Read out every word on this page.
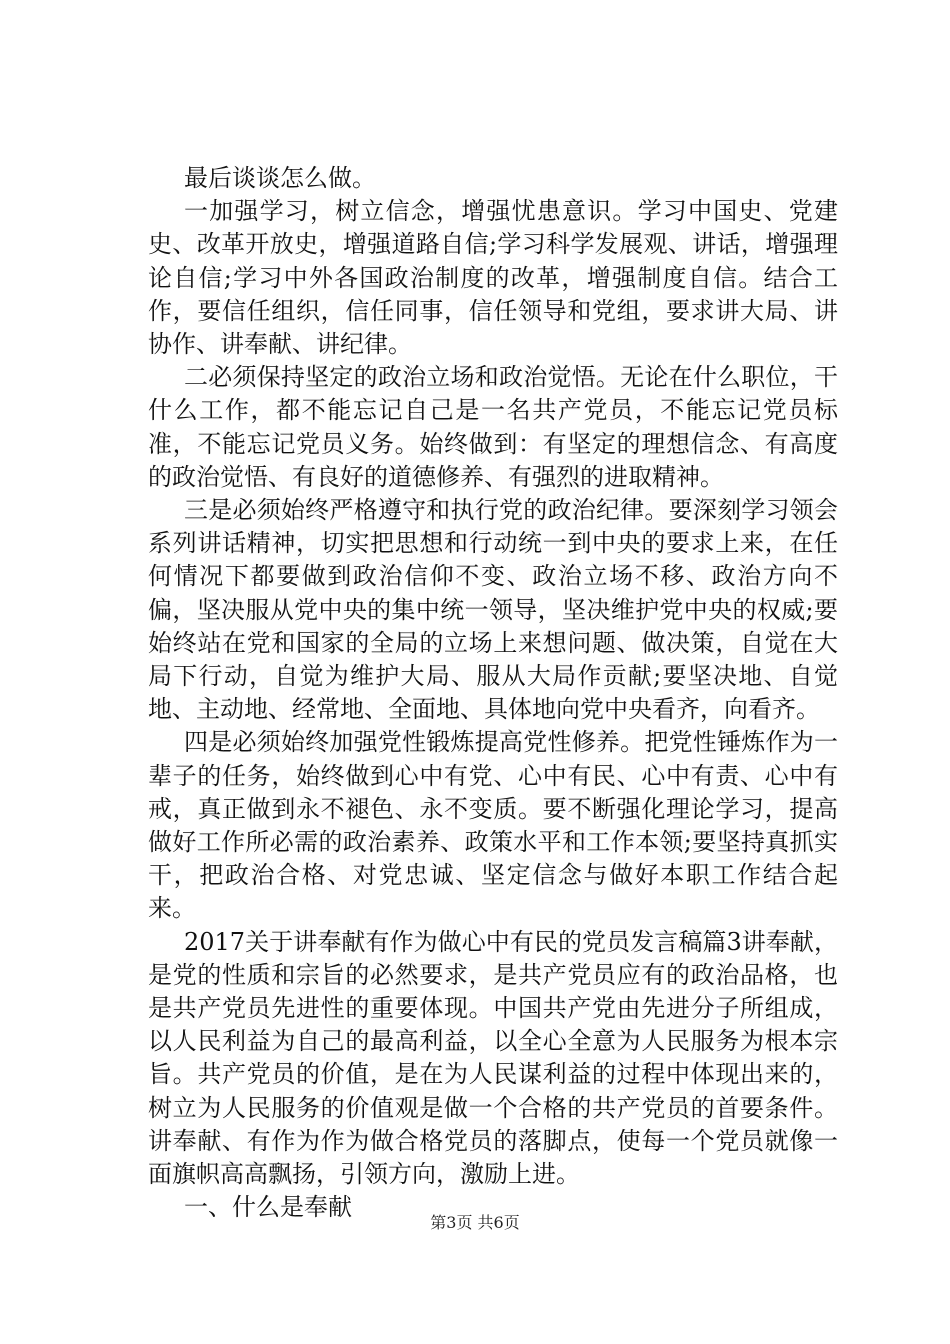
最后谈谈怎么做。

一加强学习，树立信念，增强忧患意识。学习中国史、党建史、改革开放史，增强道路自信;学习科学发展观、讲话，增强理论自信;学习中外各国政治制度的改革，增强制度自信。结合工作，要信任组织，信任同事，信任领导和党组，要求讲大局、讲协作、讲奉献、讲纪律。

二必须保持坚定的政治立场和政治觉悟。无论在什么职位，干什么工作，都不能忘记自己是一名共产党员，不能忘记党员标准，不能忘记党员义务。始终做到：有坚定的理想信念、有高度的政治觉悟、有良好的道德修养、有强烈的进取精神。

三是必须始终严格遵守和执行党的政治纪律。要深刻学习领会系列讲话精神，切实把思想和行动统一到中央的要求上来，在任何情况下都要做到政治信仰不变、政治立场不移、政治方向不偏，坚决服从党中央的集中统一领导，坚决维护党中央的权威;要始终站在党和国家的全局的立场上来想问题、做决策，自觉在大局下行动，自觉为维护大局、服从大局作贡献;要坚决地、自觉地、主动地、经常地、全面地、具体地向党中央看齐，向看齐。

四是必须始终加强党性锻炼提高党性修养。把党性锤炼作为一辈子的任务，始终做到心中有党、心中有民、心中有责、心中有戒，真正做到永不褪色、永不变质。要不断强化理论学习，提高做好工作所必需的政治素养、政策水平和工作本领;要坚持真抓实干，把政治合格、对党忠诚、坚定信念与做好本职工作结合起来。

2017关于讲奉献有作为做心中有民的党员发言稿篇3讲奉献，是党的性质和宗旨的必然要求，是共产党员应有的政治品格，也是共产党员先进性的重要体现。中国共产党由先进分子所组成，以人民利益为自己的最高利益，以全心全意为人民服务为根本宗旨。共产党员的价值，是在为人民谋利益的过程中体现出来的，树立为人民服务的价值观是做一个合格的共产党员的首要条件。讲奉献、有作为作为做合格党员的落脚点，使每一个党员就像一面旗帜高高飘扬，引领方向，激励上进。

一、什么是奉献

第3页 共6页
